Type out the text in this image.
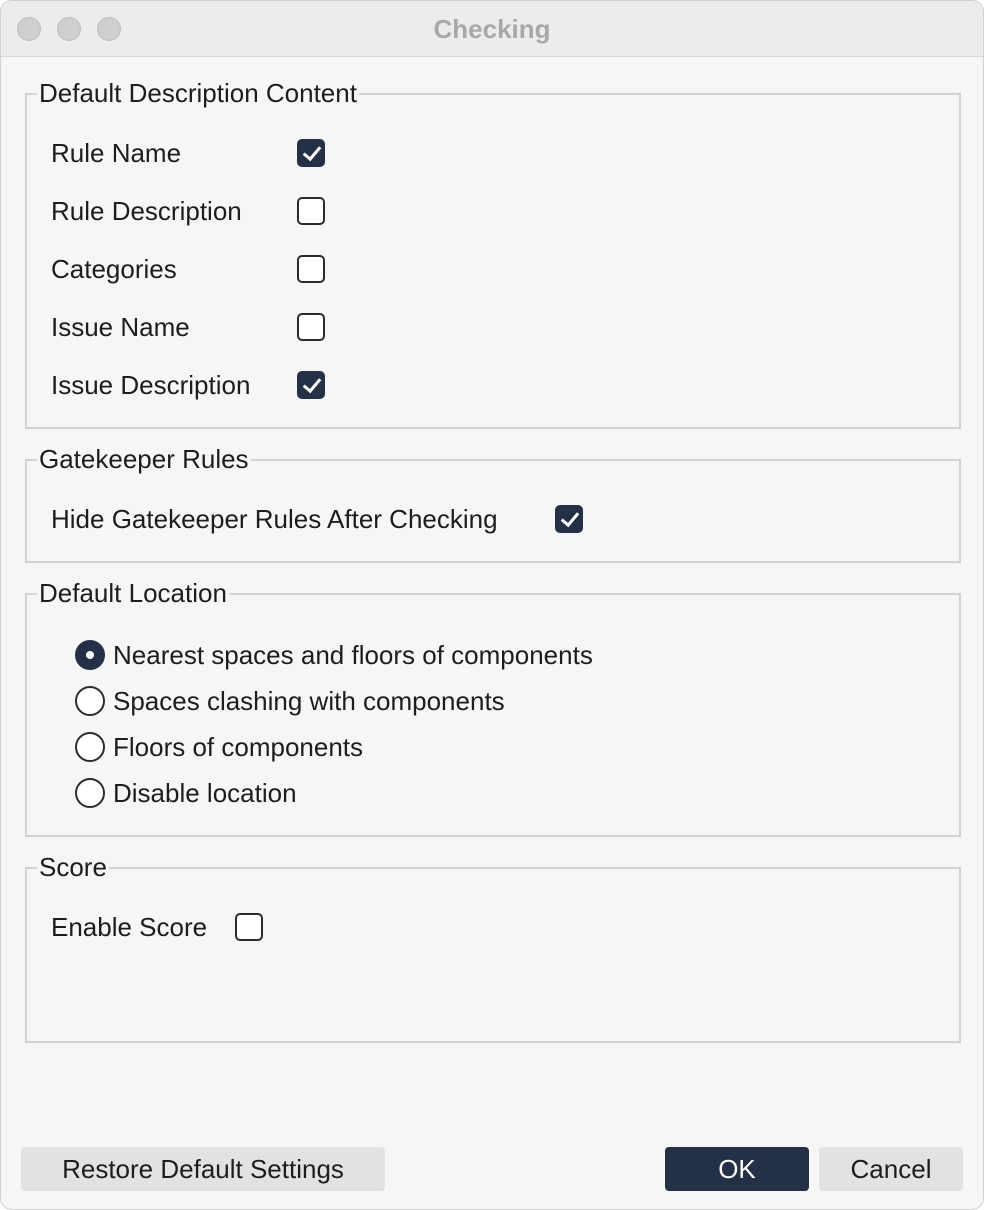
Checking
Default Description Content
Rule Name
Rule Description
Categories
Issue Name
Issue Description
Gatekeeper Rules
Hide Gatekeeper Rules After Checking
Default Location
Nearest spaces and floors of components
Spaces clashing with components
Floors of components
Disable location
Score
Enable Score
Restore Default Settings	OK	Cancel
